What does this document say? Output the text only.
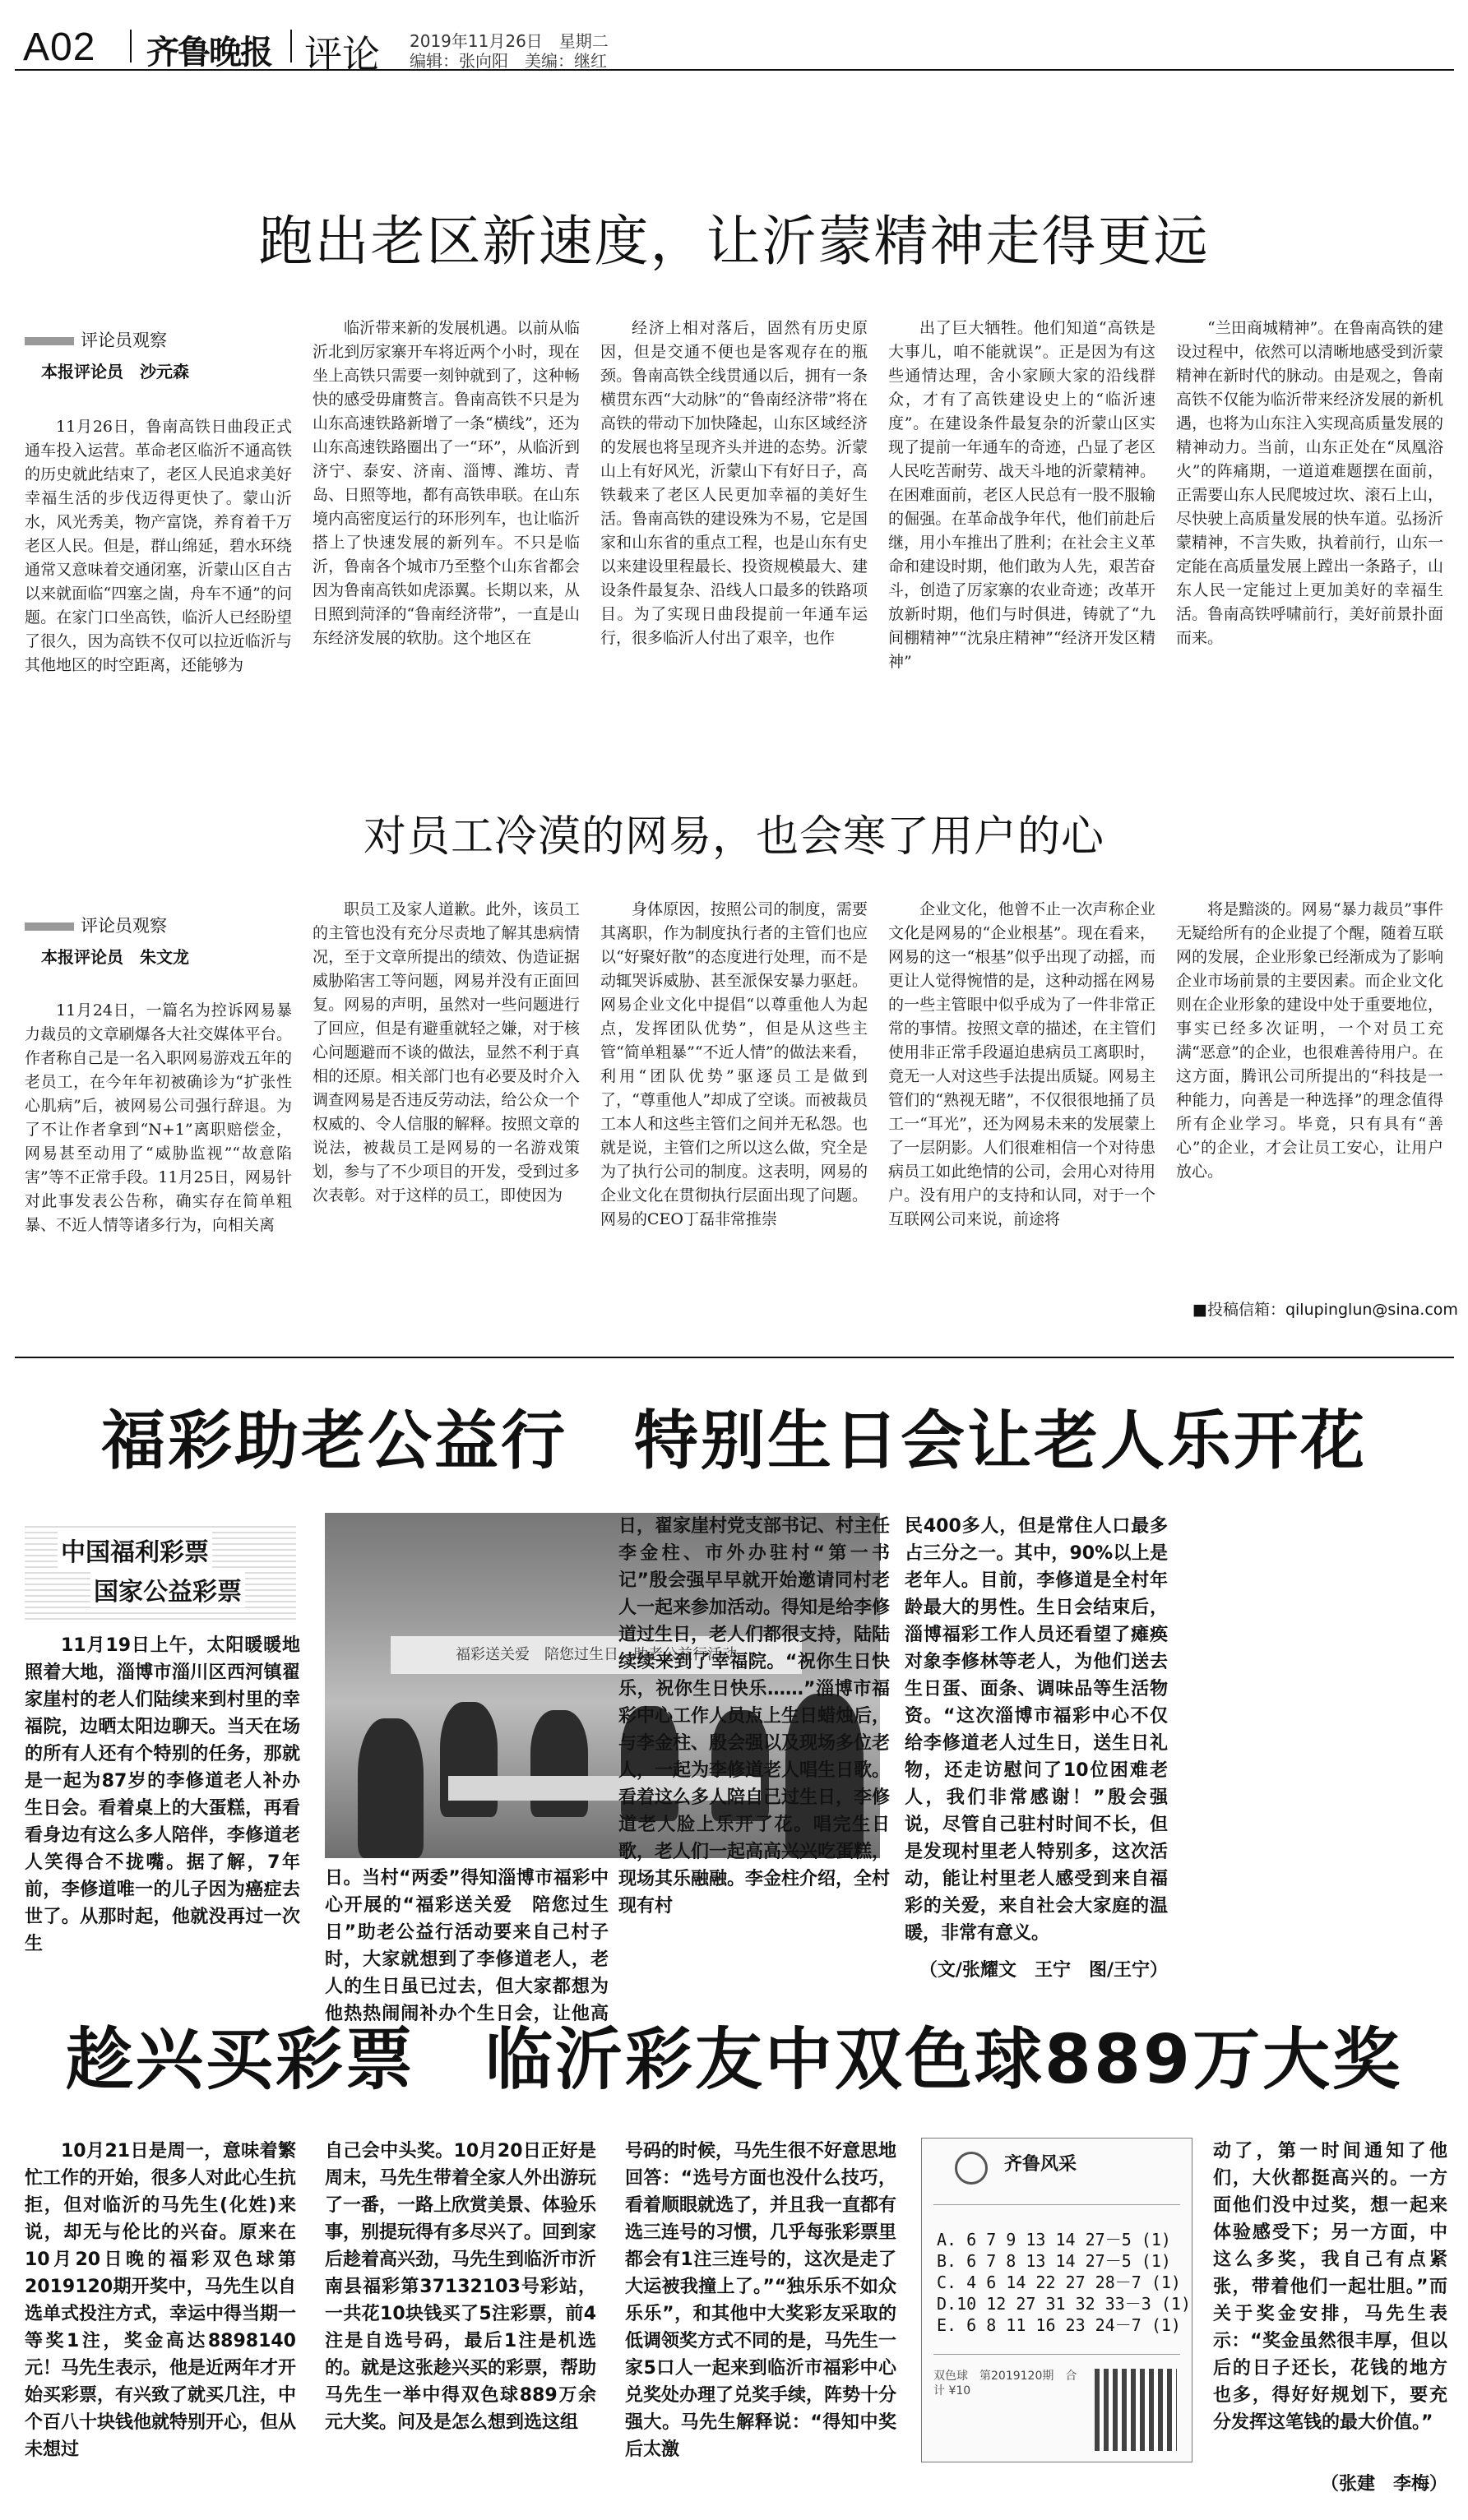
A02 齐鲁晚报 评论 2019年11月26日　星期二
编辑：张向阳　美编：继红
跑出老区新速度，让沂蒙精神走得更远
评论员观察
本报评论员　沙元森

11月26日，鲁南高铁日曲段正式通车投入运营。革命老区临沂不通高铁的历史就此结束了，老区人民追求美好幸福生活的步伐迈得更快了。蒙山沂水，风光秀美，物产富饶，养育着千万老区人民。但是，群山绵延，碧水环绕通常又意味着交通闭塞，沂蒙山区自古以来就面临“四塞之崮，舟车不通”的问题。在家门口坐高铁，临沂人已经盼望了很久，因为高铁不仅可以拉近临沂与其他地区的时空距离，还能够为

临沂带来新的发展机遇。以前从临沂北到厉家寨开车将近两个小时，现在坐上高铁只需要一刻钟就到了，这种畅快的感受毋庸赘言。鲁南高铁不只是为山东高速铁路新增了一条“横线”，还为山东高速铁路圈出了一“环”，从临沂到济宁、泰安、济南、淄博、潍坊、青岛、日照等地，都有高铁串联。在山东境内高密度运行的环形列车，也让临沂搭上了快速发展的新列车。不只是临沂，鲁南各个城市乃至整个山东省都会因为鲁南高铁如虎添翼。长期以来，从日照到菏泽的“鲁南经济带”，一直是山东经济发展的软肋。这个地区在

经济上相对落后，固然有历史原因，但是交通不便也是客观存在的瓶颈。鲁南高铁全线贯通以后，拥有一条横贯东西“大动脉”的“鲁南经济带”将在高铁的带动下加快隆起，山东区域经济的发展也将呈现齐头并进的态势。沂蒙山上有好风光，沂蒙山下有好日子，高铁载来了老区人民更加幸福的美好生活。鲁南高铁的建设殊为不易，它是国家和山东省的重点工程，也是山东有史以来建设里程最长、投资规模最大、建设条件最复杂、沿线人口最多的铁路项目。为了实现日曲段提前一年通车运行，很多临沂人付出了艰辛，也作

出了巨大牺牲。他们知道“高铁是大事儿，咱不能就误”。正是因为有这些通情达理，舍小家顾大家的沿线群众，才有了高铁建设史上的“临沂速度”。在建设条件最复杂的沂蒙山区实现了提前一年通车的奇迹，凸显了老区人民吃苦耐劳、战天斗地的沂蒙精神。在困难面前，老区人民总有一股不服输的倔强。在革命战争年代，他们前赴后继，用小车推出了胜利；在社会主义革命和建设时期，他们敢为人先，艰苦奋斗，创造了厉家寨的农业奇迹；改革开放新时期，他们与时俱进，铸就了“九间棚精神”“沈泉庄精神”“经济开发区精神”

“兰田商城精神”。在鲁南高铁的建设过程中，依然可以清晰地感受到沂蒙精神在新时代的脉动。由是观之，鲁南高铁不仅能为临沂带来经济发展的新机遇，也将为山东注入实现高质量发展的精神动力。当前，山东正处在“凤凰浴火”的阵痛期，一道道难题摆在面前，正需要山东人民爬坡过坎、滚石上山，尽快驶上高质量发展的快车道。弘扬沂蒙精神，不言失败，执着前行，山东一定能在高质量发展上蹚出一条路子，山东人民一定能过上更加美好的幸福生活。鲁南高铁呼啸前行，美好前景扑面而来。

对员工冷漠的网易，也会寒了用户的心
评论员观察
本报评论员　朱文龙

11月24日，一篇名为控诉网易暴力裁员的文章刷爆各大社交媒体平台。作者称自己是一名入职网易游戏五年的老员工，在今年年初被确诊为“扩张性心肌病”后，被网易公司强行辞退。为了不让作者拿到“N+1”离职赔偿金，网易甚至动用了“威胁监视”“故意陷害”等不正常手段。11月25日，网易针对此事发表公告称，确实存在简单粗暴、不近人情等诸多行为，向相关离

职员工及家人道歉。此外，该员工的主管也没有充分尽责地了解其患病情况，至于文章所提出的绩效、伪造证据威胁陷害工等问题，网易并没有正面回复。网易的声明，虽然对一些问题进行了回应，但是有避重就轻之嫌，对于核心问题避而不谈的做法，显然不利于真相的还原。相关部门也有必要及时介入调查网易是否违反劳动法，给公众一个权威的、令人信服的解释。按照文章的说法，被裁员工是网易的一名游戏策划，参与了不少项目的开发，受到过多次表彰。对于这样的员工，即使因为

身体原因，按照公司的制度，需要其离职，作为制度执行者的主管们也应以“好聚好散”的态度进行处理，而不是动辄哭诉威胁、甚至派保安暴力驱赶。网易企业文化中提倡“以尊重他人为起点，发挥团队优势”，但是从这些主管“简单粗暴”“不近人情”的做法来看，利用“团队优势”驱逐员工是做到了，“尊重他人”却成了空谈。而被裁员工本人和这些主管们之间并无私怨。也就是说，主管们之所以这么做，究全是为了执行公司的制度。这表明，网易的企业文化在贯彻执行层面出现了问题。网易的CEO丁磊非常推崇

企业文化，他曾不止一次声称企业文化是网易的“企业根基”。现在看来，网易的这一“根基”似乎出现了动摇，而更让人觉得惋惜的是，这种动摇在网易的一些主管眼中似乎成为了一件非常正常的事情。按照文章的描述，在主管们使用非正常手段逼迫患病员工离职时，竟无一人对这些手法提出质疑。网易主管们的“熟视无睹”，不仅很很地捅了员工一“耳光”，还为网易未来的发展蒙上了一层阴影。人们很难相信一个对待患病员工如此绝情的公司，会用心对待用户。没有用户的支持和认同，对于一个互联网公司来说，前途将

将是黯淡的。网易“暴力裁员”事件无疑给所有的企业提了个醒，随着互联网的发展，企业形象已经渐成为了影响企业市场前景的主要因素。而企业文化则在企业形象的建设中处于重要地位，事实已经多次证明，一个对员工充满“恶意”的企业，也很难善待用户。在这方面，腾讯公司所提出的“科技是一种能力，向善是一种选择”的理念值得所有企业学习。毕竟，只有具有“善心”的企业，才会让员工安心，让用户放心。

■投稿信箱：qilupinglun@sina.com
福彩助老公益行　特别生日会让老人乐开花
中国福利彩票
国家公益彩票

11月19日上午，太阳暖暖地照着大地，淄博市淄川区西河镇翟家崖村的老人们陆续来到村里的幸福院，边晒太阳边聊天。当天在场的所有人还有个特别的任务，那就是一起为87岁的李修道老人补办生日会。看着桌上的大蛋糕，再看看身边有这么多人陪伴，李修道老人笑得合不拢嘴。据了解，7年前，李修道唯一的儿子因为癌症去世了。从那时起，他就没再过一次生

福彩送关爱　陪您过生日　助老公益行活动

日。当村“两委”得知淄博市福彩中心开展的“福彩送关爱　陪您过生日”助老公益行活动要来自己村子时，大家就想到了李修道老人，老人的生日虽已过去，但大家都想为他热热闹闹补办个生日会，让他高

日，翟家崖村党支部书记、村主任李金柱、市外办驻村“第一书记”殷会强早早就开始邀请同村老人一起来参加活动。得知是给李修道过生日，老人们都很支持，陆陆续续来到了幸福院。“祝你生日快乐，祝你生日快乐……”淄博市福彩中心工作人员点上生日蜡烛后，与李金柱、殷会强以及现场多位老人，一起为李修道老人唱生日歌。看着这么多人陪自己过生日，李修道老人脸上乐开了花。唱完生日歌，老人们一起高高兴兴吃蛋糕，现场其乐融融。李金柱介绍，全村现有村

民400多人，但是常住人口最多占三分之一。其中，90%以上是老年人。目前，李修道是全村年龄最大的男性。生日会结束后，淄博福彩工作人员还看望了瘫痪对象李修林等老人，为他们送去生日蛋、面条、调味品等生活物资。“这次淄博市福彩中心不仅给李修道老人过生日，送生日礼物，还走访慰问了10位困难老人，我们非常感谢！”殷会强说，尽管自己驻村时间不长，但是发现村里老人特别多，这次活动，能让村里老人感受到来自福彩的关爱，来自社会大家庭的温暖，非常有意义。

（文/张耀文　王宁　图/王宁）
趁兴买彩票　临沂彩友中双色球889万大奖

10月21日是周一，意味着繁忙工作的开始，很多人对此心生抗拒，但对临沂的马先生(化姓)来说，却无与伦比的兴奋。原来在10月20日晚的福彩双色球第2019120期开奖中，马先生以自选单式投注方式，幸运中得当期一等奖1注，奖金高达8898140元！马先生表示，他是近两年才开始买彩票，有兴致了就买几注，中个百八十块钱他就特别开心，但从未想过

自己会中头奖。10月20日正好是周末，马先生带着全家人外出游玩了一番，一路上欣赏美景、体验乐事，别提玩得有多尽兴了。回到家后趁着高兴劲，马先生到临沂市沂南县福彩第37132103号彩站，一共花10块钱买了5注彩票，前4注是自选号码，最后1注是机选的。就是这张趁兴买的彩票，帮助马先生一举中得双色球889万余元大奖。问及是怎么想到选这组

号码的时候，马先生很不好意思地回答：“选号方面也没什么技巧，看着顺眼就选了，并且我一直都有选三连号的习惯，几乎每张彩票里都会有1注三连号的，这次是走了大运被我撞上了。”“独乐乐不如众乐乐”，和其他中大奖彩友采取的低调领奖方式不同的是，马先生一家5口人一起来到临沂市福彩中心兑奖处办理了兑奖手续，阵势十分强大。马先生解释说：“得知中奖后太激

齐鲁风采
A. 6 7 9 13 14 27－5 (1)
B. 6 7 8 13 14 27－5 (1)
C. 4 6 14 22 27 28－7 (1)
D.10 12 27 31 32 33－3 (1)
E. 6 8 11 16 23 24－7 (1)
双色球　第2019120期　合计 ¥10

动了，第一时间通知了他们，大伙都挺高兴的。一方面他们没中过奖，想一起来体验感受下；另一方面，中这么多奖，我自己有点紧张，带着他们一起壮胆。”而关于奖金安排，马先生表示：“奖金虽然很丰厚，但以后的日子还长，花钱的地方也多，得好好规划下，要充分发挥这笔钱的最大价值。”

（张建　李梅）
